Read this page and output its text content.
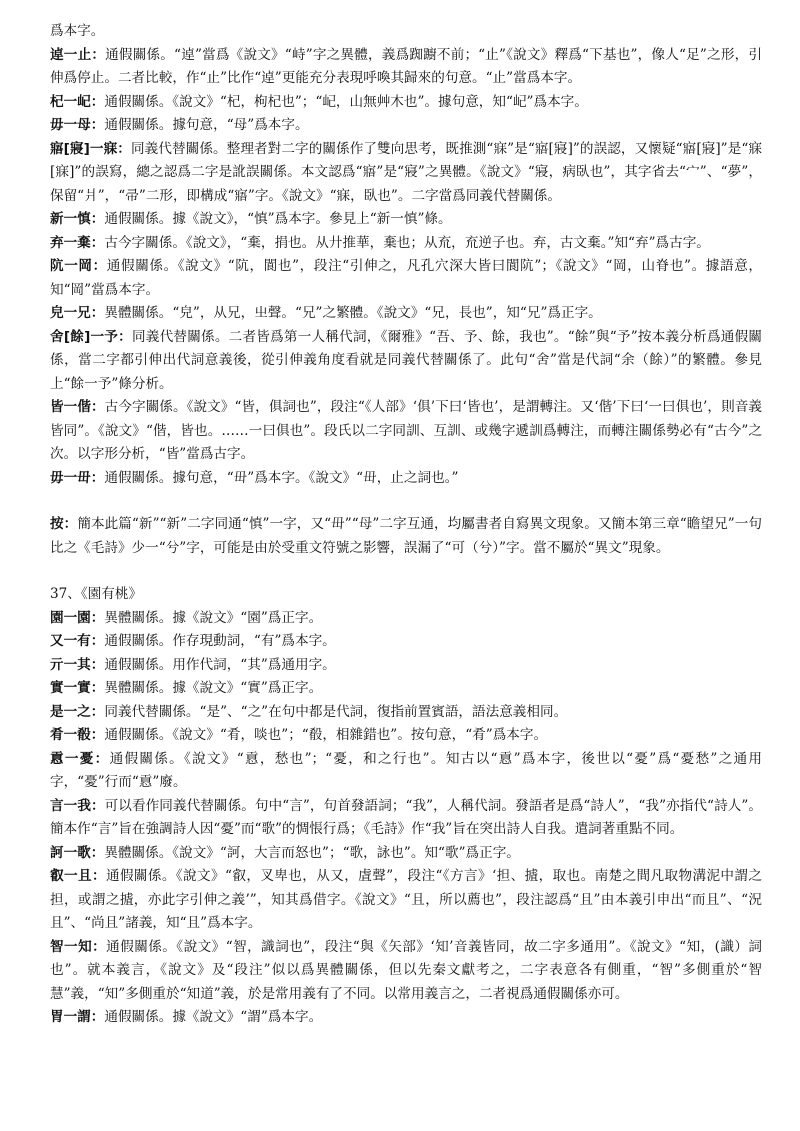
爲本字。

逴一止：通假關係。“逴”當爲《說文》“峙”字之異體，義爲踟躕不前；“止”《說文》釋爲“下基也”，像人“足”之形，引伸爲停止。二者比較，作“止”比作“逴”更能充分表現呼喚其歸來的句意。“止”當爲本字。

杞一屺：通假關係。《說文》“杞，枸杞也”；“屺，山無艸木也”。據句意，知“屺”爲本字。

毋一母：通假關係。據句意，“母”爲本字。

寤[寢]一寐：同義代替關係。整理者對二字的關係作了雙向思考，既推測“寐”是“寤[寢]”的誤認，又懷疑“寤[寢]”是“寐[寐]”的誤寫，總之認爲二字是訛誤關係。本文認爲“寤”是“寢”之異體。《說文》“寢，病臥也”，其字省去“宀”、“夢”，保留“爿”，“帚”二形，即構成“寤”字。《說文》“寐，臥也”。二字當爲同義代替關係。

新一慎：通假關係。據《說文》，“慎”爲本字。參見上“新一慎”條。

弃一棄：古今字關係。《說文》，“棄，捐也。从廾推華，棄也；从㐬，㐬逆子也。弃，古文棄。”知“弃”爲古字。

阬一岡：通假關係。《說文》“阬，閬也”，段注“引伸之，凡孔穴深大皆曰閬阬”；《說文》“岡，山脊也”。據語意，知“岡”當爲本字。

皃一兄：異體關係。“皃”，从兄，㞢聲。“兄”之繁體。《說文》“兄，長也”，知“兄”爲正字。

舍[餘]一予：同義代替關係。二者皆爲第一人稱代詞，《爾雅》“吾、予、餘，我也”。“餘”與“予”按本義分析爲通假關係，當二字都引伸出代詞意義後，從引伸義角度看就是同義代替關係了。此句“舍”當是代詞“余（餘）”的繁體。參見上“餘一予”條分析。

皆一偕：古今字關係。《說文》“皆，俱詞也”，段注“《人部》‘俱’下曰‘皆也’，是謂轉注。又‘偕’下曰‘一曰俱也’，則音義皆同”。《說文》“偕，皆也。……一曰俱也”。段氏以二字同訓、互訓、或幾字遞訓爲轉注，而轉注關係勢必有“古今”之次。以字形分析，“皆”當爲古字。

毋一毌：通假關係。據句意，“毌”爲本字。《說文》“毌，止之詞也。”

按：簡本此篇“新”“新”二字同通“慎”一字，又“毌”“母”二字互通，均屬書者自寫異文現象。又簡本第三章“瞻望兄”一句比之《毛詩》少一“兮”字，可能是由於受重文符號之影響，誤漏了“可（兮）”字。當不屬於“異文”現象。

37、《園有桃》

園一園：異體關係。據《說文》“園”爲正字。

又一有：通假關係。作存現動詞，“有”爲本字。

亓一其：通假關係。用作代詞，“其”爲通用字。

實一實：異體關係。據《說文》“實”爲正字。

是一之：同義代替關係。“是”、“之”在句中都是代詞，復指前置賓語，語法意義相同。

肴一殽：通假關係。《說文》“肴，啖也”；“殽，相雜錯也”。按句意，“肴”爲本字。

慐一憂：通假關係。《說文》“慐，愁也”；“憂，和之行也”。知古以“慐”爲本字，後世以“憂”爲“憂愁”之通用字，“憂”行而“慐”廢。

言一我：可以看作同義代替關係。句中“言”，句首發語詞；“我”，人稱代詞。發語者是爲“詩人”，“我”亦指代“詩人”。簡本作“言”旨在強調詩人因“憂”而“歌”的惆悵行爲；《毛詩》作“我”旨在突出詩人自我。遣詞著重點不同。

訶一歌：異體關係。《說文》“訶，大言而怒也”；“歌，詠也”。知“歌”爲正字。

叡一且：通假關係。《說文》“叡，叉卑也，从又，虘聲”，段注“《方言》‘担、摣，取也。南楚之間凡取物溝泥中謂之担，或謂之摣，亦此字引伸之義’”，知其爲借字。《說文》“且，所以薦也”，段注認爲“且”由本義引申出“而且”、“況且”、“尚且”諸義，知“且”爲本字。

智一知：通假關係。《說文》“智，識詞也”，段注“與《矢部》‘知’音義皆同，故二字多通用”。《說文》“知，(識）詞也”。就本義言，《說文》及“段注”似以爲異體關係，但以先秦文獻考之，二字表意各有側重，“智”多側重於“智慧”義，“知”多側重於“知道”義，於是常用義有了不同。以常用義言之，二者視爲通假關係亦可。

胃一謂：通假關係。據《說文》“謂”爲本字。
